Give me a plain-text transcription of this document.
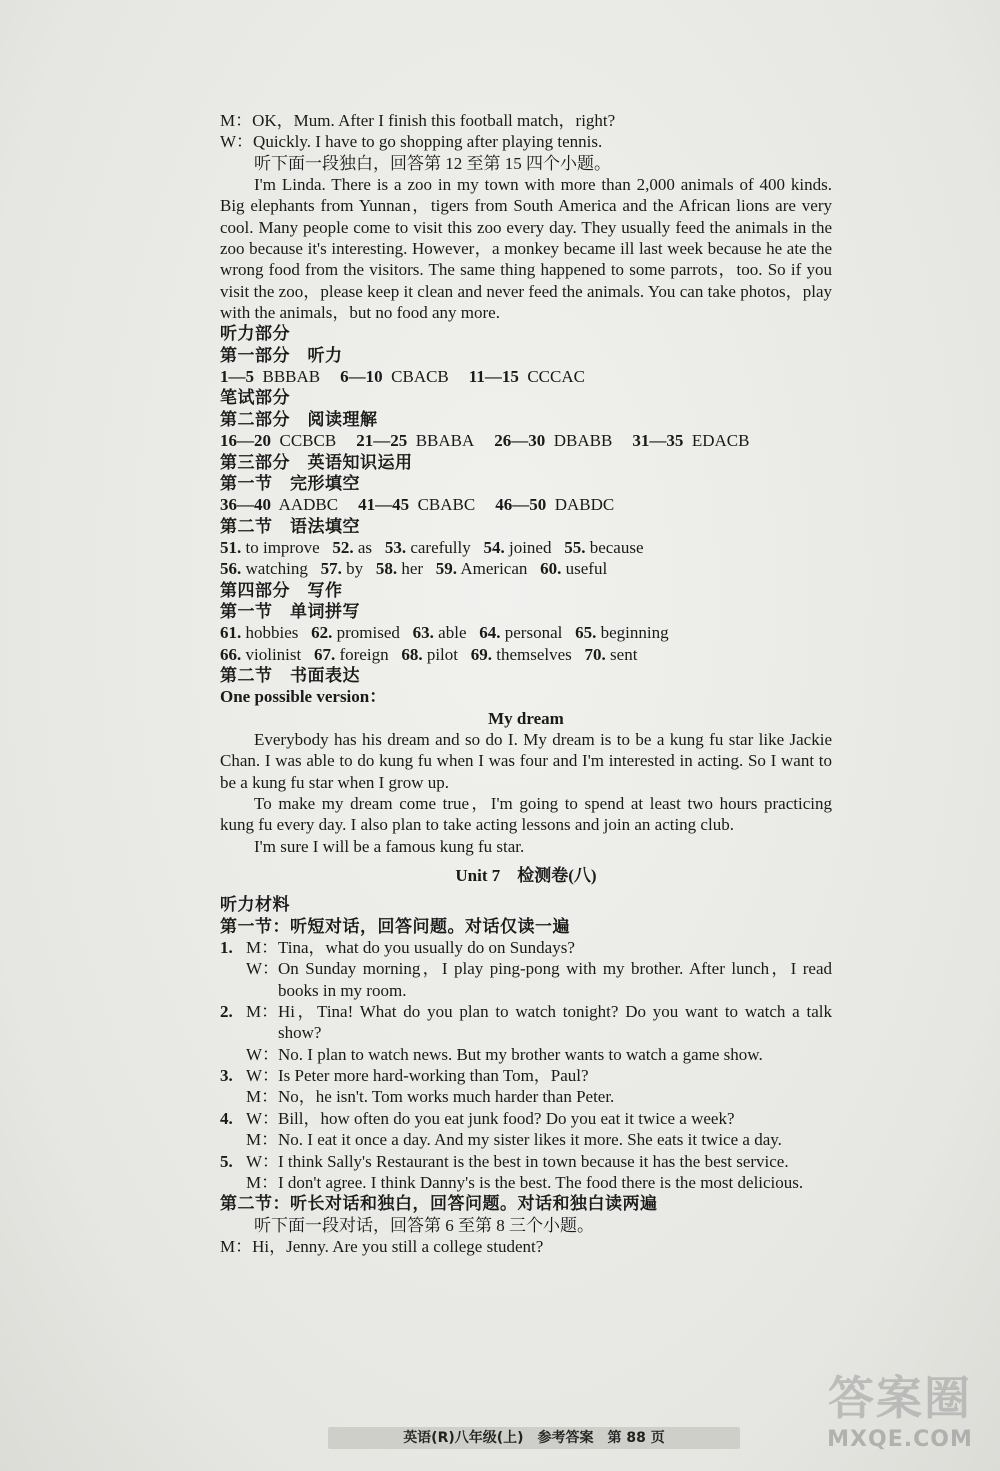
M：OK，Mum. After I finish this football match，right?
W：Quickly. I have to go shopping after playing tennis.
听下面一段独白，回答第 12 至第 15 四个小题。
I'm Linda. There is a zoo in my town with more than 2,000 animals of 400 kinds. Big elephants from Yunnan，tigers from South America and the African lions are very cool. Many people come to visit this zoo every day. They usually feed the animals in the zoo because it's interesting. However，a monkey became ill last week because he ate the wrong food from the visitors. The same thing happened to some parrots，too. So if you visit the zoo，please keep it clean and never feed the animals. You can take photos，play with the animals，but no food any more.
听力部分
第一部分　听力
1—5 BBBAB 6—10 CBACB 11—15 CCCAC
笔试部分
第二部分　阅读理解
16—20 CCBCB 21—25 BBABA 26—30 DBABB 31—35 EDACB
第三部分　英语知识运用
第一节　完形填空
36—40 AADBC 41—45 CBABC 46—50 DABDC
第二节　语法填空
51. to improve 52. as 53. carefully 54. joined 55. because
56. watching 57. by 58. her 59. American 60. useful
第四部分　写作
第一节　单词拼写
61. hobbies 62. promised 63. able 64. personal 65. beginning
66. violinist 67. foreign 68. pilot 69. themselves 70. sent
第二节　书面表达
One possible version：
My dream
Everybody has his dream and so do I. My dream is to be a kung fu star like Jackie Chan. I was able to do kung fu when I was four and I'm interested in acting. So I want to be a kung fu star when I grow up.
To make my dream come true，I'm going to spend at least two hours practicing kung fu every day. I also plan to take acting lessons and join an acting club.
I'm sure I will be a famous kung fu star.
Unit 7　检测卷(八)
听力材料
第一节：听短对话，回答问题。对话仅读一遍
1. M： Tina，what do you usually do on Sundays?
W：
On Sunday morning，I play ping-pong with my brother. After lunch，I read books in my room.
2. M： Hi，Tina! What do you plan to watch tonight? Do you want to watch a talk show?
W：
No. I plan to watch news. But my brother wants to watch a game show.
3. W：
Is Peter more hard-working than Tom，Paul?
M： No，he isn't. Tom works much harder than Peter.
4. W：
Bill，how often do you eat junk food? Do you eat it twice a week?
M： No. I eat it once a day. And my sister likes it more. She eats it twice a day.
5. W：
I think Sally's Restaurant is the best in town because it has the best service.
M： I don't agree. I think Danny's is the best. The food there is the most delicious.
第二节：听长对话和独白，回答问题。对话和独白读两遍
听下面一段对话，回答第 6 至第 8 三个小题。
M：Hi，Jenny. Are you still a college student?
英语(R)八年级(上)　参考答案　第 88 页
答案圈
MXQE.COM
